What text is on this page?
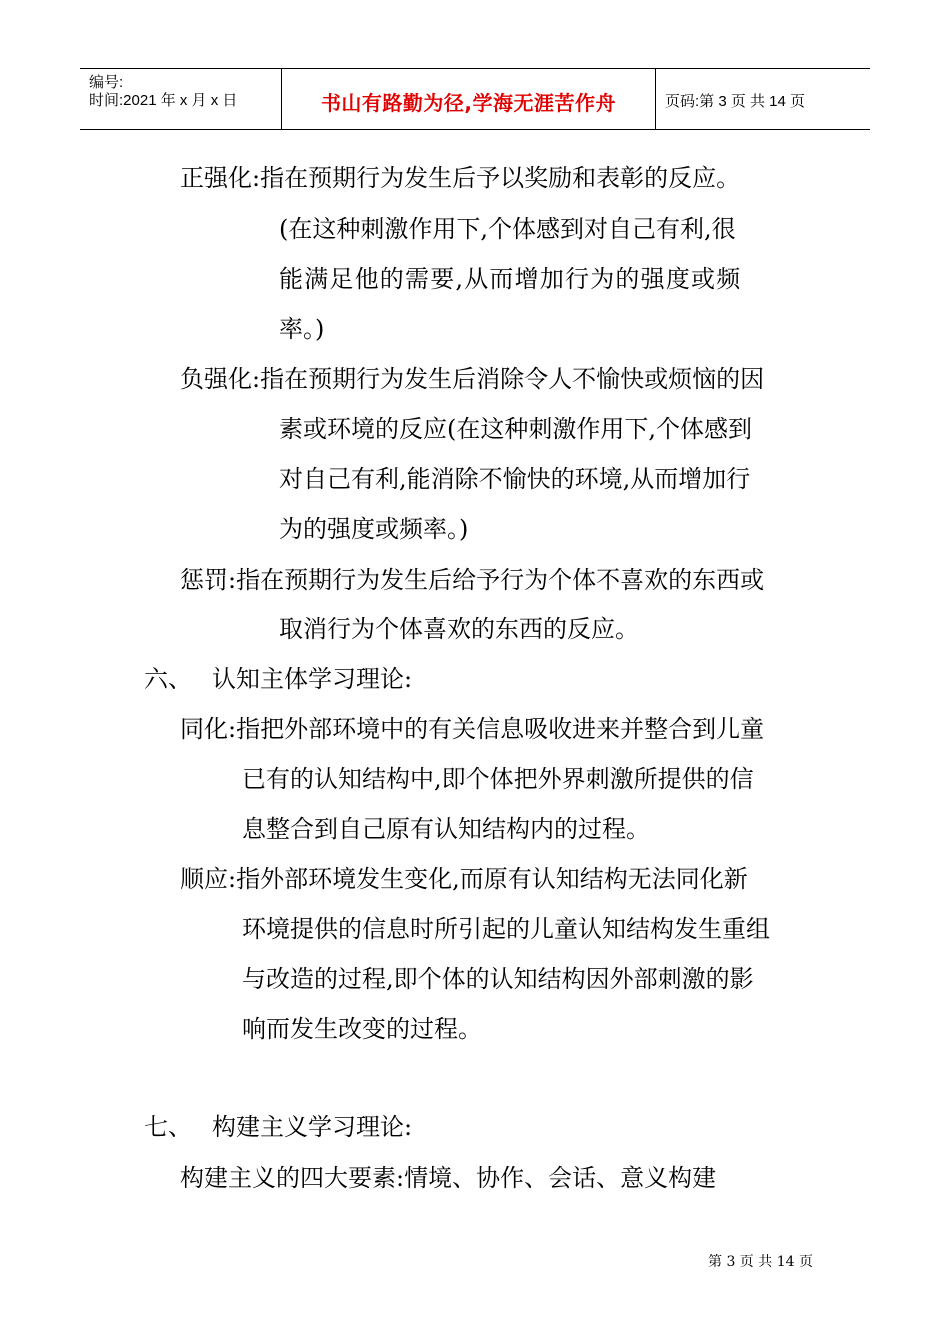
编号:
时间:2021 年 x 月 x 日	书山有路勤为径,学海无涯苦作舟	页码:第 3 页 共 14 页
正强化:指在预期行为发生后予以奖励和表彰的反应。
(在这种刺激作用下,个体感到对自己有利,很
能满足他的需要,从而增加行为的强度或频
率。)
负强化:指在预期行为发生后消除令人不愉快或烦恼的因
素或环境的反应(在这种刺激作用下,个体感到
对自己有利,能消除不愉快的环境,从而增加行
为的强度或频率。)
惩罚:指在预期行为发生后给予行为个体不喜欢的东西或
取消行为个体喜欢的东西的反应。
六、 认知主体学习理论:
同化:指把外部环境中的有关信息吸收进来并整合到儿童
已有的认知结构中,即个体把外界刺激所提供的信
息整合到自己原有认知结构内的过程。
顺应:指外部环境发生变化,而原有认知结构无法同化新
环境提供的信息时所引起的儿童认知结构发生重组
与改造的过程,即个体的认知结构因外部刺激的影
响而发生改变的过程。
七、 构建主义学习理论:
构建主义的四大要素:情境、协作、会话、意义构建
第 3 页 共 14 页
